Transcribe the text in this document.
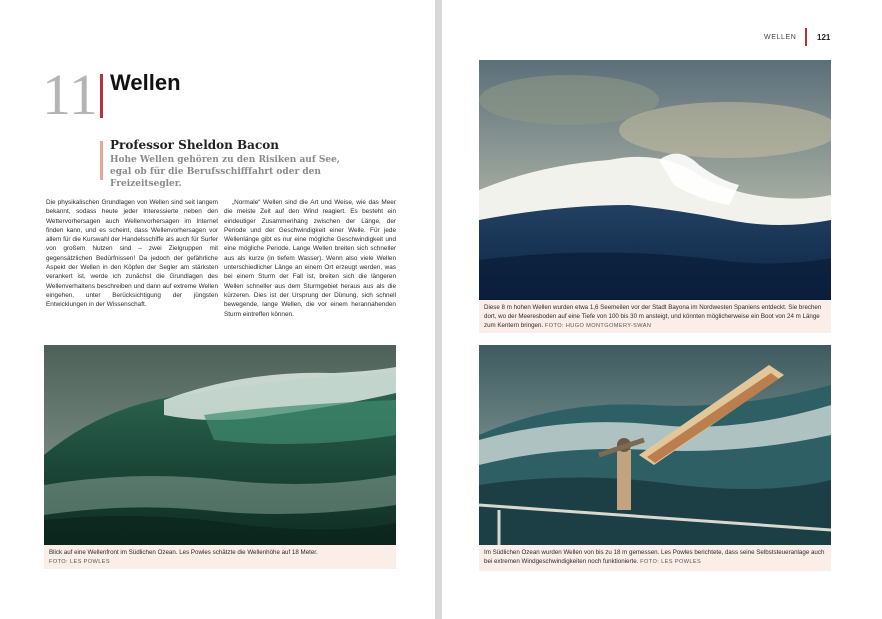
11 Wellen
Professor Sheldon Bacon

Hohe Wellen gehören zu den Risiken auf See, egal ob für die Berufsschifffahrt oder den Freizeitsegler.

Die physikalischen Grundlagen von Wellen sind seit langem bekannt, sodass heute jeder Interessierte neben den Wettervorhersagen auch Wellenvorhersagen im Internet finden kann, und es scheint, dass Wellenvorhersagen vor allem für die Kurswahl der Handelsschiffe als auch für Surfer von großem Nutzen sind – zwei Zielgruppen mit gegensätzlichen Bedürfnissen! Da jedoch der gefährliche Aspekt der Wellen in den Köpfen der Segler am stärksten verankert ist, werde ich zunächst die Grundlagen des Wellenverhaltens beschreiben und dann auf extreme Wellen eingehen, unter Berücksichtigung der jüngsten Entwicklungen in der Wissenschaft.

„Normale“ Wellen sind die Art und Weise, wie das Meer die meiste Zeit auf den Wind reagiert. Es besteht ein eindeutiger Zusammenhang zwischen der Länge, der Periode und der Geschwindigkeit einer Welle. Für jede Wellenlänge gibt es nur eine mögliche Geschwindigkeit und eine mögliche Periode. Lange Wellen breiten sich schneller aus als kurze (in tiefem Wasser). Wenn also viele Wellen unterschiedlicher Länge an einem Ort erzeugt werden, was bei einem Sturm der Fall ist, breiten sich die längeren Wellen schneller aus dem Sturmgebiet heraus aus als die kürzeren. Dies ist der Ursprung der Dünung, sich schnell bewegende, lange Wellen, die vor einem herannahenden Sturm eintreffen können.

Blick auf eine Wellenfront im Südlichen Ozean. Les Powles schätzte die Wellenhöhe auf 18 Meter.
FOTO: LES POWLES
WELLEN	121
Diese 8 m hohen Wellen wurden etwa 1,6 Seemeilen vor der Stadt Bayona im Nordwesten Spaniens entdeckt. Sie brechen dort, wo der Meeresboden auf eine Tiefe von 100 bis 30 m ansteigt, und könnten möglicherweise ein Boot von 24 m Länge zum Kentern bringen. FOTO: HUGO MONTGOMERY-SWAN
Im Südlichen Ozean wurden Wellen von bis zu 18 m gemessen. Les Powles berichtete, dass seine Selbststeueranlage auch bei extremen Windgeschwindigkeiten noch funktionierte. FOTO: LES POWLES
